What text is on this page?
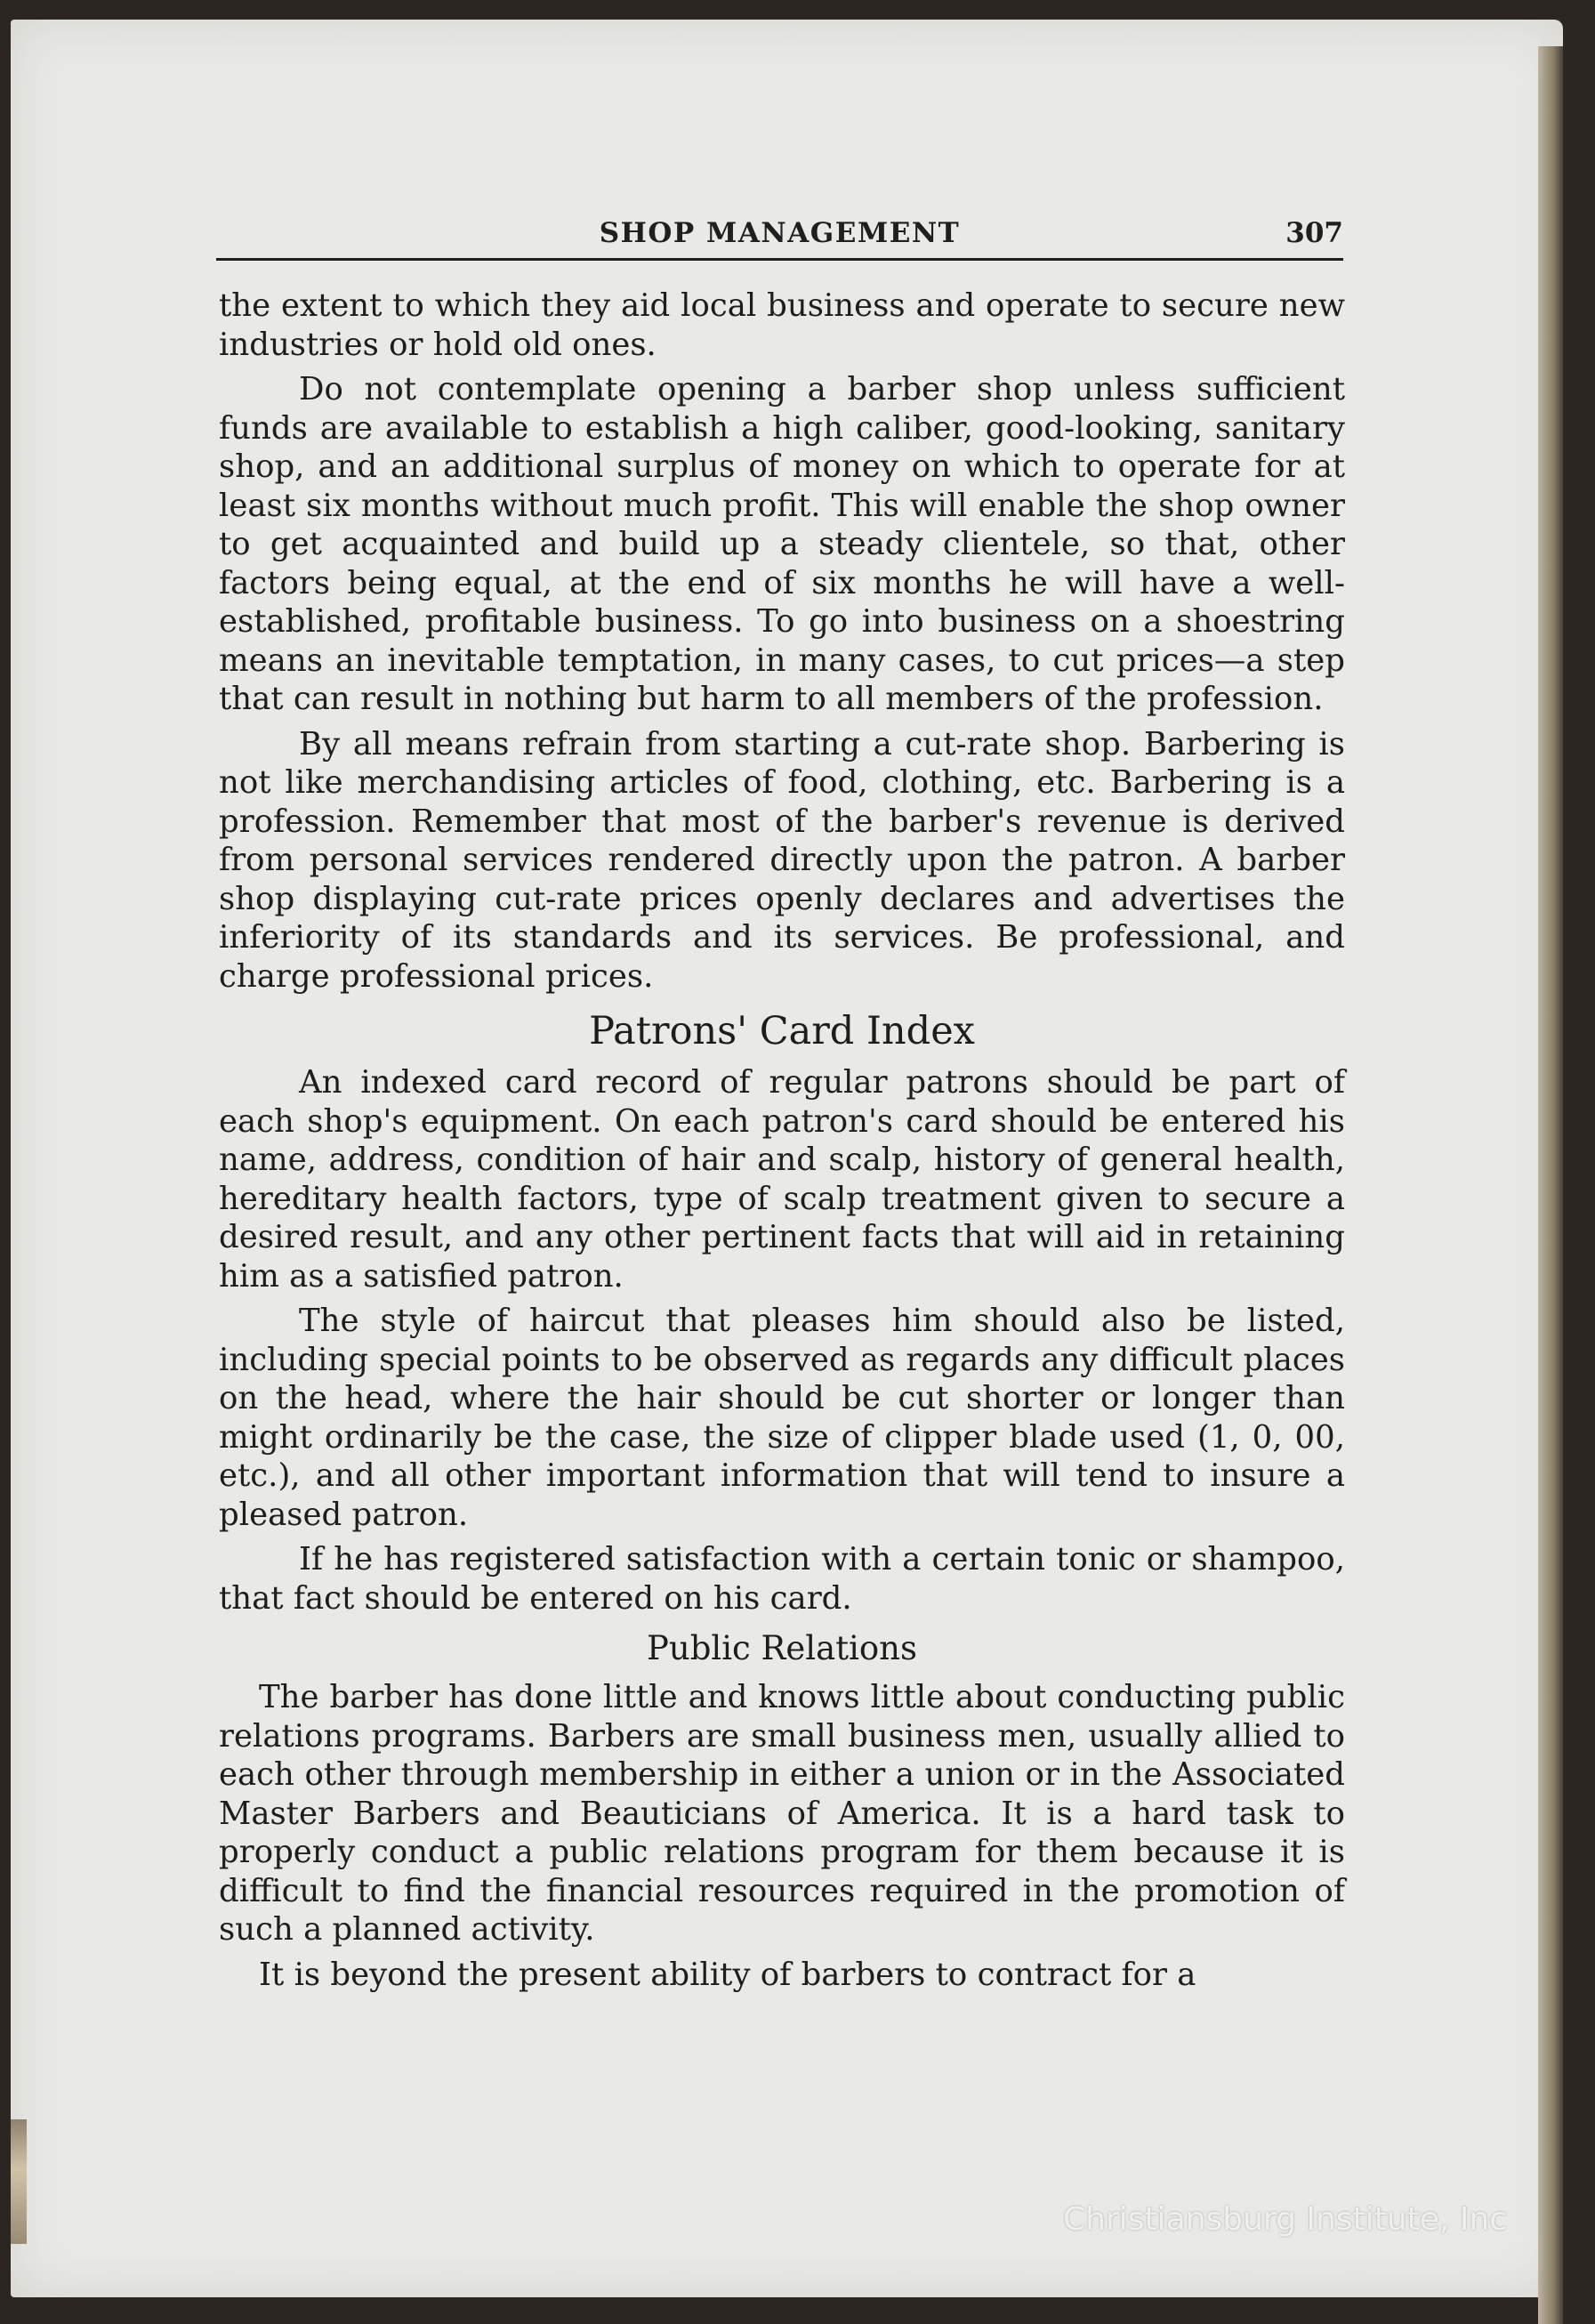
SHOP MANAGEMENT	307

the extent to which they aid local business and operate to secure new industries or hold old ones.

Do not contemplate opening a barber shop unless sufficient funds are available to establish a high caliber, good-looking, sanitary shop, and an additional surplus of money on which to operate for at least six months without much profit. This will enable the shop owner to get acquainted and build up a steady clientele, so that, other factors being equal, at the end of six months he will have a well-established, profitable business. To go into business on a shoestring means an inevitable temptation, in many cases, to cut prices—a step that can result in nothing but harm to all members of the profession.

By all means refrain from starting a cut-rate shop. Barbering is not like merchandising articles of food, clothing, etc. Barbering is a profession. Remember that most of the barber's revenue is derived from personal services rendered directly upon the patron. A barber shop displaying cut-rate prices openly declares and advertises the inferiority of its standards and its services. Be professional, and charge professional prices.

Patrons' Card Index

An indexed card record of regular patrons should be part of each shop's equipment. On each patron's card should be entered his name, address, condition of hair and scalp, history of general health, hereditary health factors, type of scalp treatment given to secure a desired result, and any other pertinent facts that will aid in retaining him as a satisfied patron.

The style of haircut that pleases him should also be listed, including special points to be observed as regards any difficult places on the head, where the hair should be cut shorter or longer than might ordinarily be the case, the size of clipper blade used (1, 0, 00, etc.), and all other important information that will tend to insure a pleased patron.

If he has registered satisfaction with a certain tonic or shampoo, that fact should be entered on his card.

Public Relations

The barber has done little and knows little about conducting public relations programs. Barbers are small business men, usually allied to each other through membership in either a union or in the Associated Master Barbers and Beauticians of America. It is a hard task to properly conduct a public relations program for them because it is difficult to find the financial resources required in the promotion of such a planned activity.

It is beyond the present ability of barbers to contract for a

Christiansburg Institute, Inc
